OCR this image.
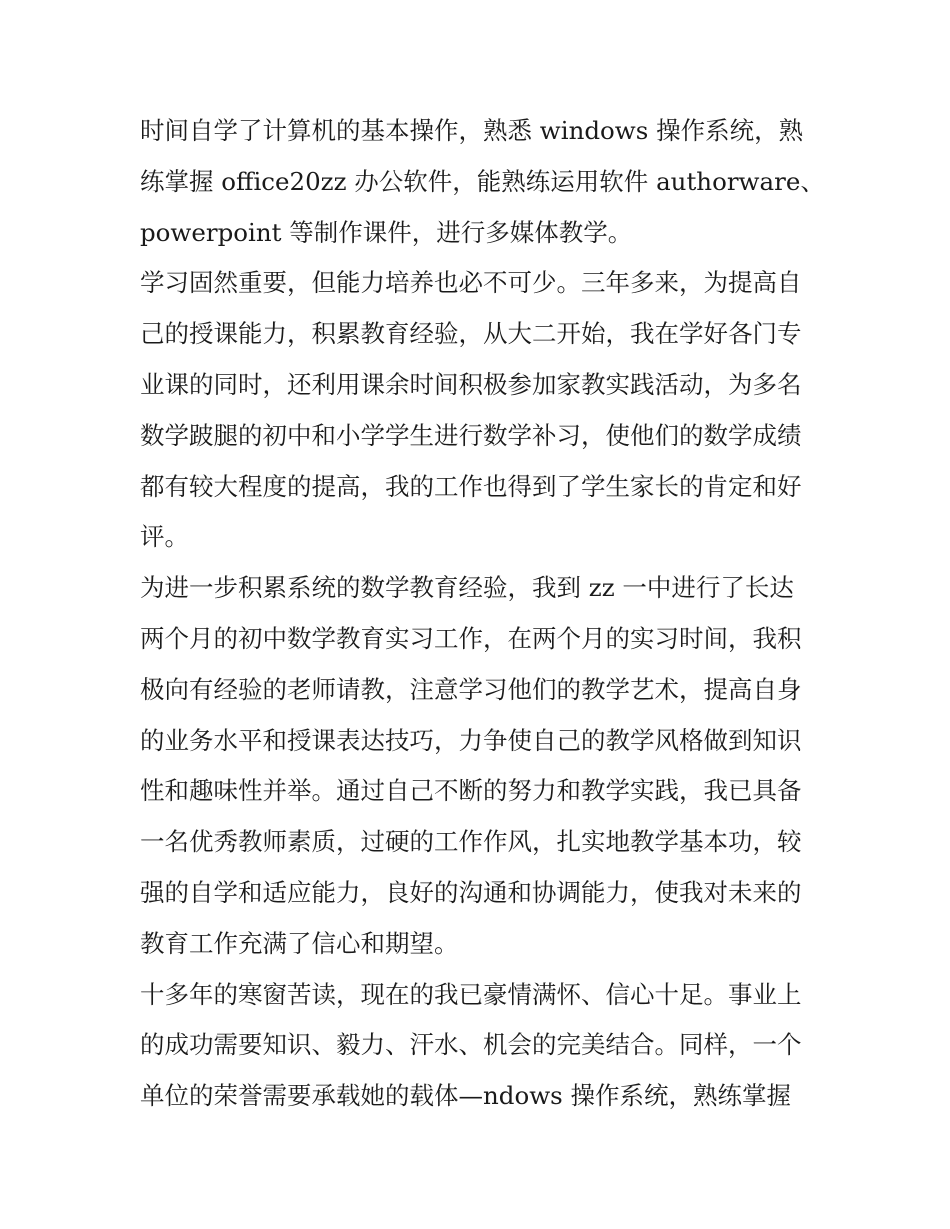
时间自学了计算机的基本操作，熟悉 windows 操作系统，熟

练掌握 office20zz 办公软件，能熟练运用软件 authorware、

powerpoint 等制作课件，进行多媒体教学。

学习固然重要，但能力培养也必不可少。三年多来，为提高自

己的授课能力，积累教育经验，从大二开始，我在学好各门专

业课的同时，还利用课余时间积极参加家教实践活动，为多名

数学跛腿的初中和小学学生进行数学补习，使他们的数学成绩

都有较大程度的提高，我的工作也得到了学生家长的肯定和好

评。

为进一步积累系统的数学教育经验，我到 zz 一中进行了长达

两个月的初中数学教育实习工作，在两个月的实习时间，我积

极向有经验的老师请教，注意学习他们的教学艺术，提高自身

的业务水平和授课表达技巧，力争使自己的教学风格做到知识

性和趣味性并举。通过自己不断的努力和教学实践，我已具备

一名优秀教师素质，过硬的工作作风，扎实地教学基本功，较

强的自学和适应能力，良好的沟通和协调能力，使我对未来的

教育工作充满了信心和期望。

十多年的寒窗苦读，现在的我已豪情满怀、信心十足。事业上

的成功需要知识、毅力、汗水、机会的完美结合。同样，一个

单位的荣誉需要承载她的载体—ndows 操作系统，熟练掌握
